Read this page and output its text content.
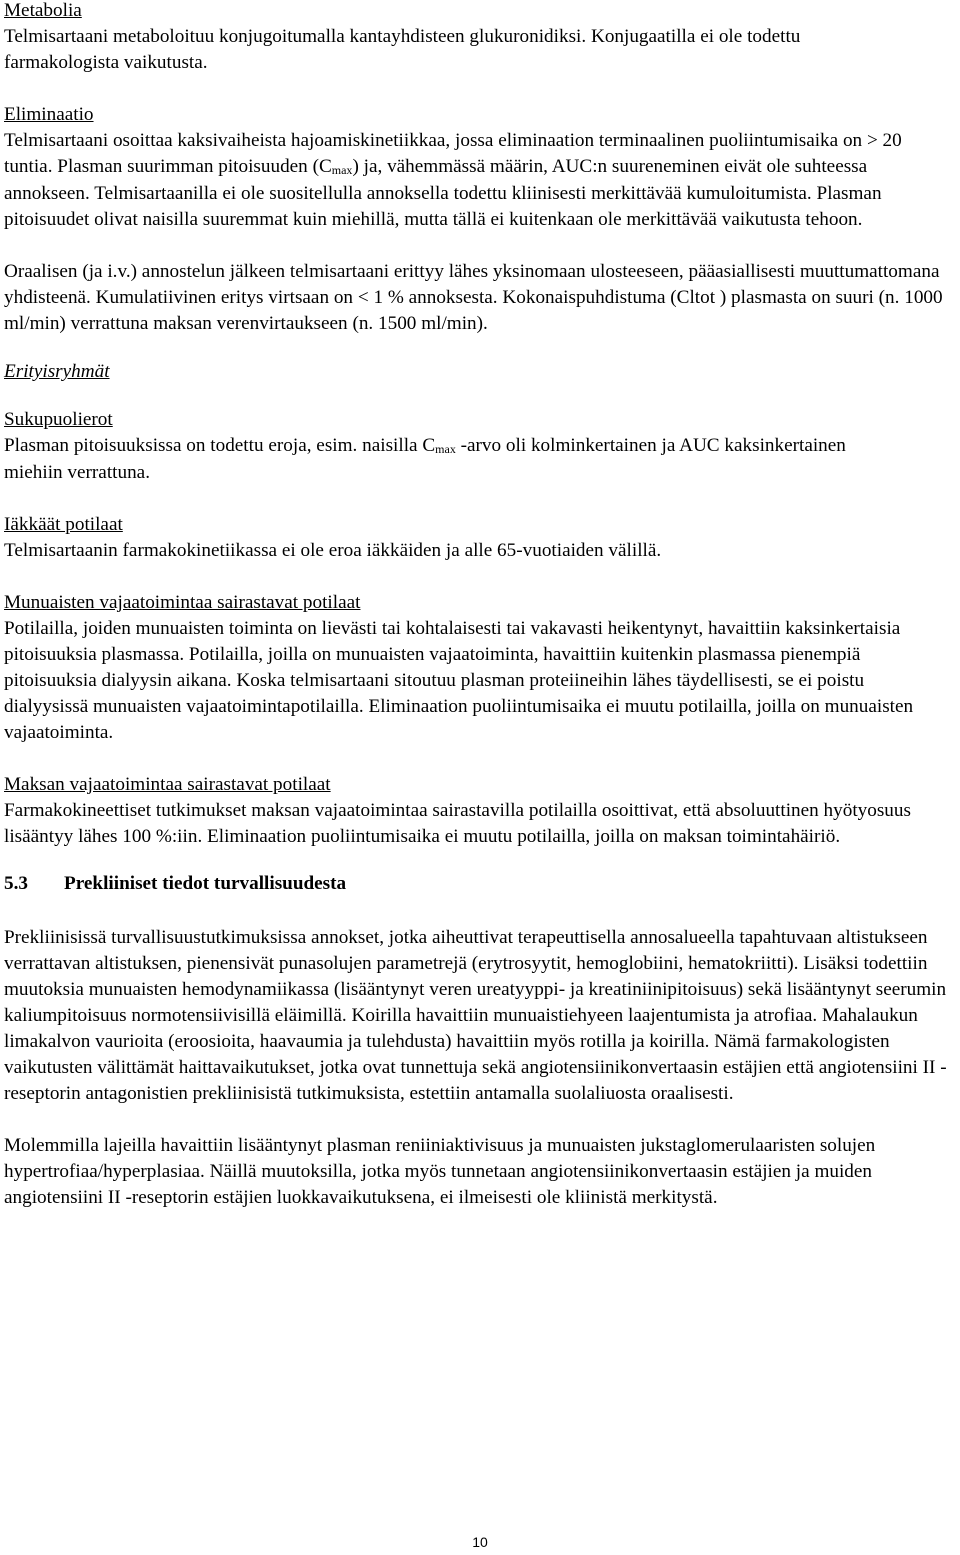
Metabolia

Telmisartaani metaboloituu konjugoitumalla kantayhdisteen glukuronidiksi. Konjugaatilla ei ole todettu farmakologista vaikutusta.

Eliminaatio

Telmisartaani osoittaa kaksivaiheista hajoamiskinetiikkaa, jossa eliminaation terminaalinen puoliintumisaika on > 20 tuntia. Plasman suurimman pitoisuuden $(C_{max})$ ja, vähemmässä määrin, AUC:n suureneminen eivät ole suhteessa annokseen. Telmisartaanilla ei ole suositellulla annoksella todettu kliinisesti merkittävää kumuloitumista. Plasman pitoisuudet olivat naisilla suuremmat kuin miehillä, mutta tällä ei kuitenkaan ole merkittävää vaikutusta tehoon.

Oraalisen (ja i.v.) annostelun jälkeen telmisartaani erittyy lähes yksinomaan ulosteeseen, pääasiallisesti muuttumattomana yhdisteenä. Kumulatiivinen eritys virtsaan on < 1 % annoksesta. Kokonaispuhdistuma (Cltot ) plasmasta on suuri (n. 1000 ml/min) verrattuna maksan verenvirtaukseen (n. 1500 ml/min).

Erityisryhmät

Sukupuolierot

Plasman pitoisuuksissa on todettu eroja, esim. naisilla $C_{max}$ -arvo oli kolminkertainen ja AUC kaksinkertainen miehiin verrattuna.

Iäkkäät potilaat

Telmisartaanin farmakokinetiikassa ei ole eroa iäkkäiden ja alle 65-vuotiaiden välillä.

Munuaisten vajaatoimintaa sairastavat potilaat

Potilailla, joiden munuaisten toiminta on lievästi tai kohtalaisesti tai vakavasti heikentynyt, havaittiin kaksinkertaisia pitoisuuksia plasmassa. Potilailla, joilla on munuaisten vajaatoiminta, havaittiin kuitenkin plasmassa pienempiä pitoisuuksia dialyysin aikana. Koska telmisartaani sitoutuu plasman proteiineihin lähes täydellisesti, se ei poistu dialyysissä munuaisten vajaatoimintapotilailla. Eliminaation puoliintumisaika ei muutu potilailla, joilla on munuaisten vajaatoiminta.

Maksan vajaatoimintaa sairastavat potilaat

Farmakokineettiset tutkimukset maksan vajaatoimintaa sairastavilla potilailla osoittivat, että absoluuttinen hyötyosuus lisääntyy lähes 100 %:iin. Eliminaation puoliintumisaika ei muutu potilailla, joilla on maksan toimintahäiriö.

5.3 Prekliiniset tiedot turvallisuudesta

Prekliinisissä turvallisuustutkimuksissa annokset, jotka aiheuttivat terapeuttisella annosalueella tapahtuvaan altistukseen verrattavan altistuksen, pienensivät punasolujen parametrejä (erytrosyytit, hemoglobiini, hematokriitti). Lisäksi todettiin muutoksia munuaisten hemodynamiikassa (lisääntynyt veren ureatyyppi- ja kreatiniinipitoisuus) sekä lisääntynyt seerumin kaliumpitoisuus normotensiivisillä eläimillä. Koirilla havaittiin munuaistiehyeen laajentumista ja atrofiaa. Mahalaukun limakalvon vaurioita (eroosioita, haavaumia ja tulehdusta) havaittiin myös rotilla ja koirilla. Nämä farmakologisten vaikutusten välittämät haittavaikutukset, jotka ovat tunnettuja sekä angiotensiinikonvertaasin estäjien että angiotensiini II -reseptorin antagonistien prekliinisistä tutkimuksista, estettiin antamalla suolaliuosta oraalisesti.

Molemmilla lajeilla havaittiin lisääntynyt plasman reniiniaktivisuus ja munuaisten jukstaglomerulaaristen solujen hypertrofiaa/hyperplasiaa. Näillä muutoksilla, jotka myös tunnetaan angiotensiinikonvertaasin estäjien ja muiden angiotensiini II -reseptorin estäjien luokkavaikutuksena, ei ilmeisesti ole kliinistä merkitystä.

10
